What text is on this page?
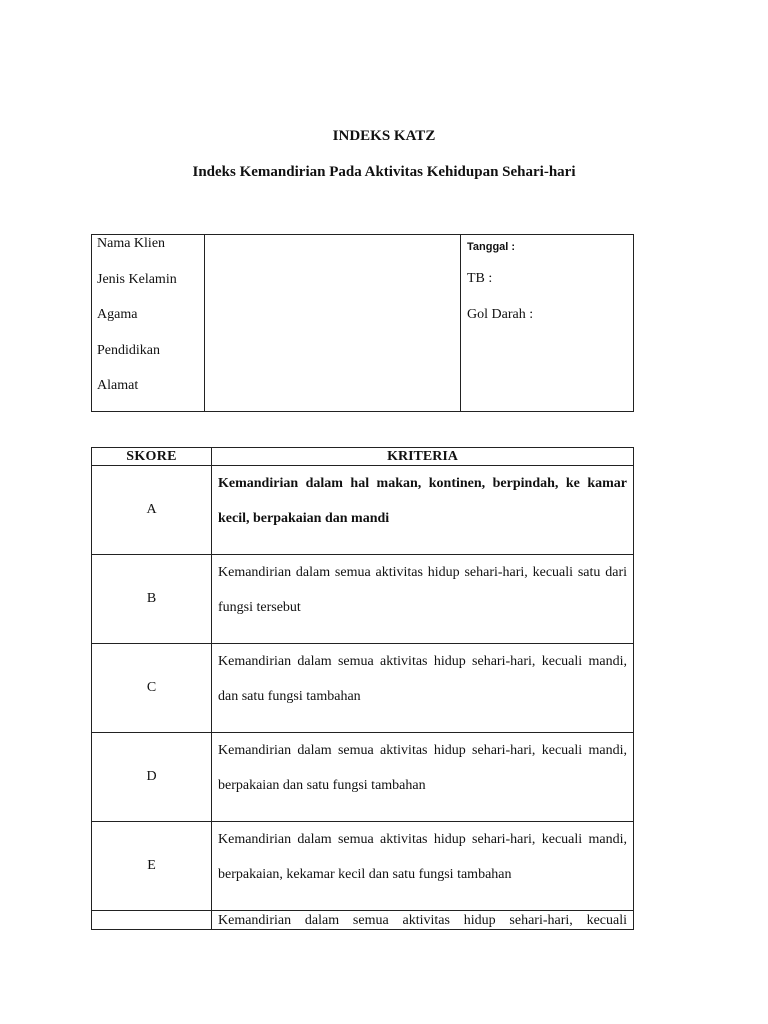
INDEKS KATZ
Indeks Kemandirian Pada Aktivitas Kehidupan Sehari-hari
Nama Klien
Jenis Kelamin
Agama
Pendidikan
Alamat
Tanggal :
TB :
Gol Darah :
SKORE	KRITERIA
A	Kemandirian dalam hal makan, kontinen, berpindah, ke kamar kecil, berpakaian dan mandi
B	Kemandirian dalam semua aktivitas hidup sehari-hari, kecuali satu dari fungsi tersebut
C	Kemandirian dalam semua aktivitas hidup sehari-hari, kecuali mandi, dan satu fungsi tambahan
D	Kemandirian dalam semua aktivitas hidup sehari-hari, kecuali mandi, berpakaian dan satu fungsi tambahan
E	Kemandirian dalam semua aktivitas hidup sehari-hari, kecuali mandi, berpakaian, kekamar kecil dan satu fungsi tambahan

	Kemandirian dalam semua aktivitas hidup sehari-hari, kecuali
